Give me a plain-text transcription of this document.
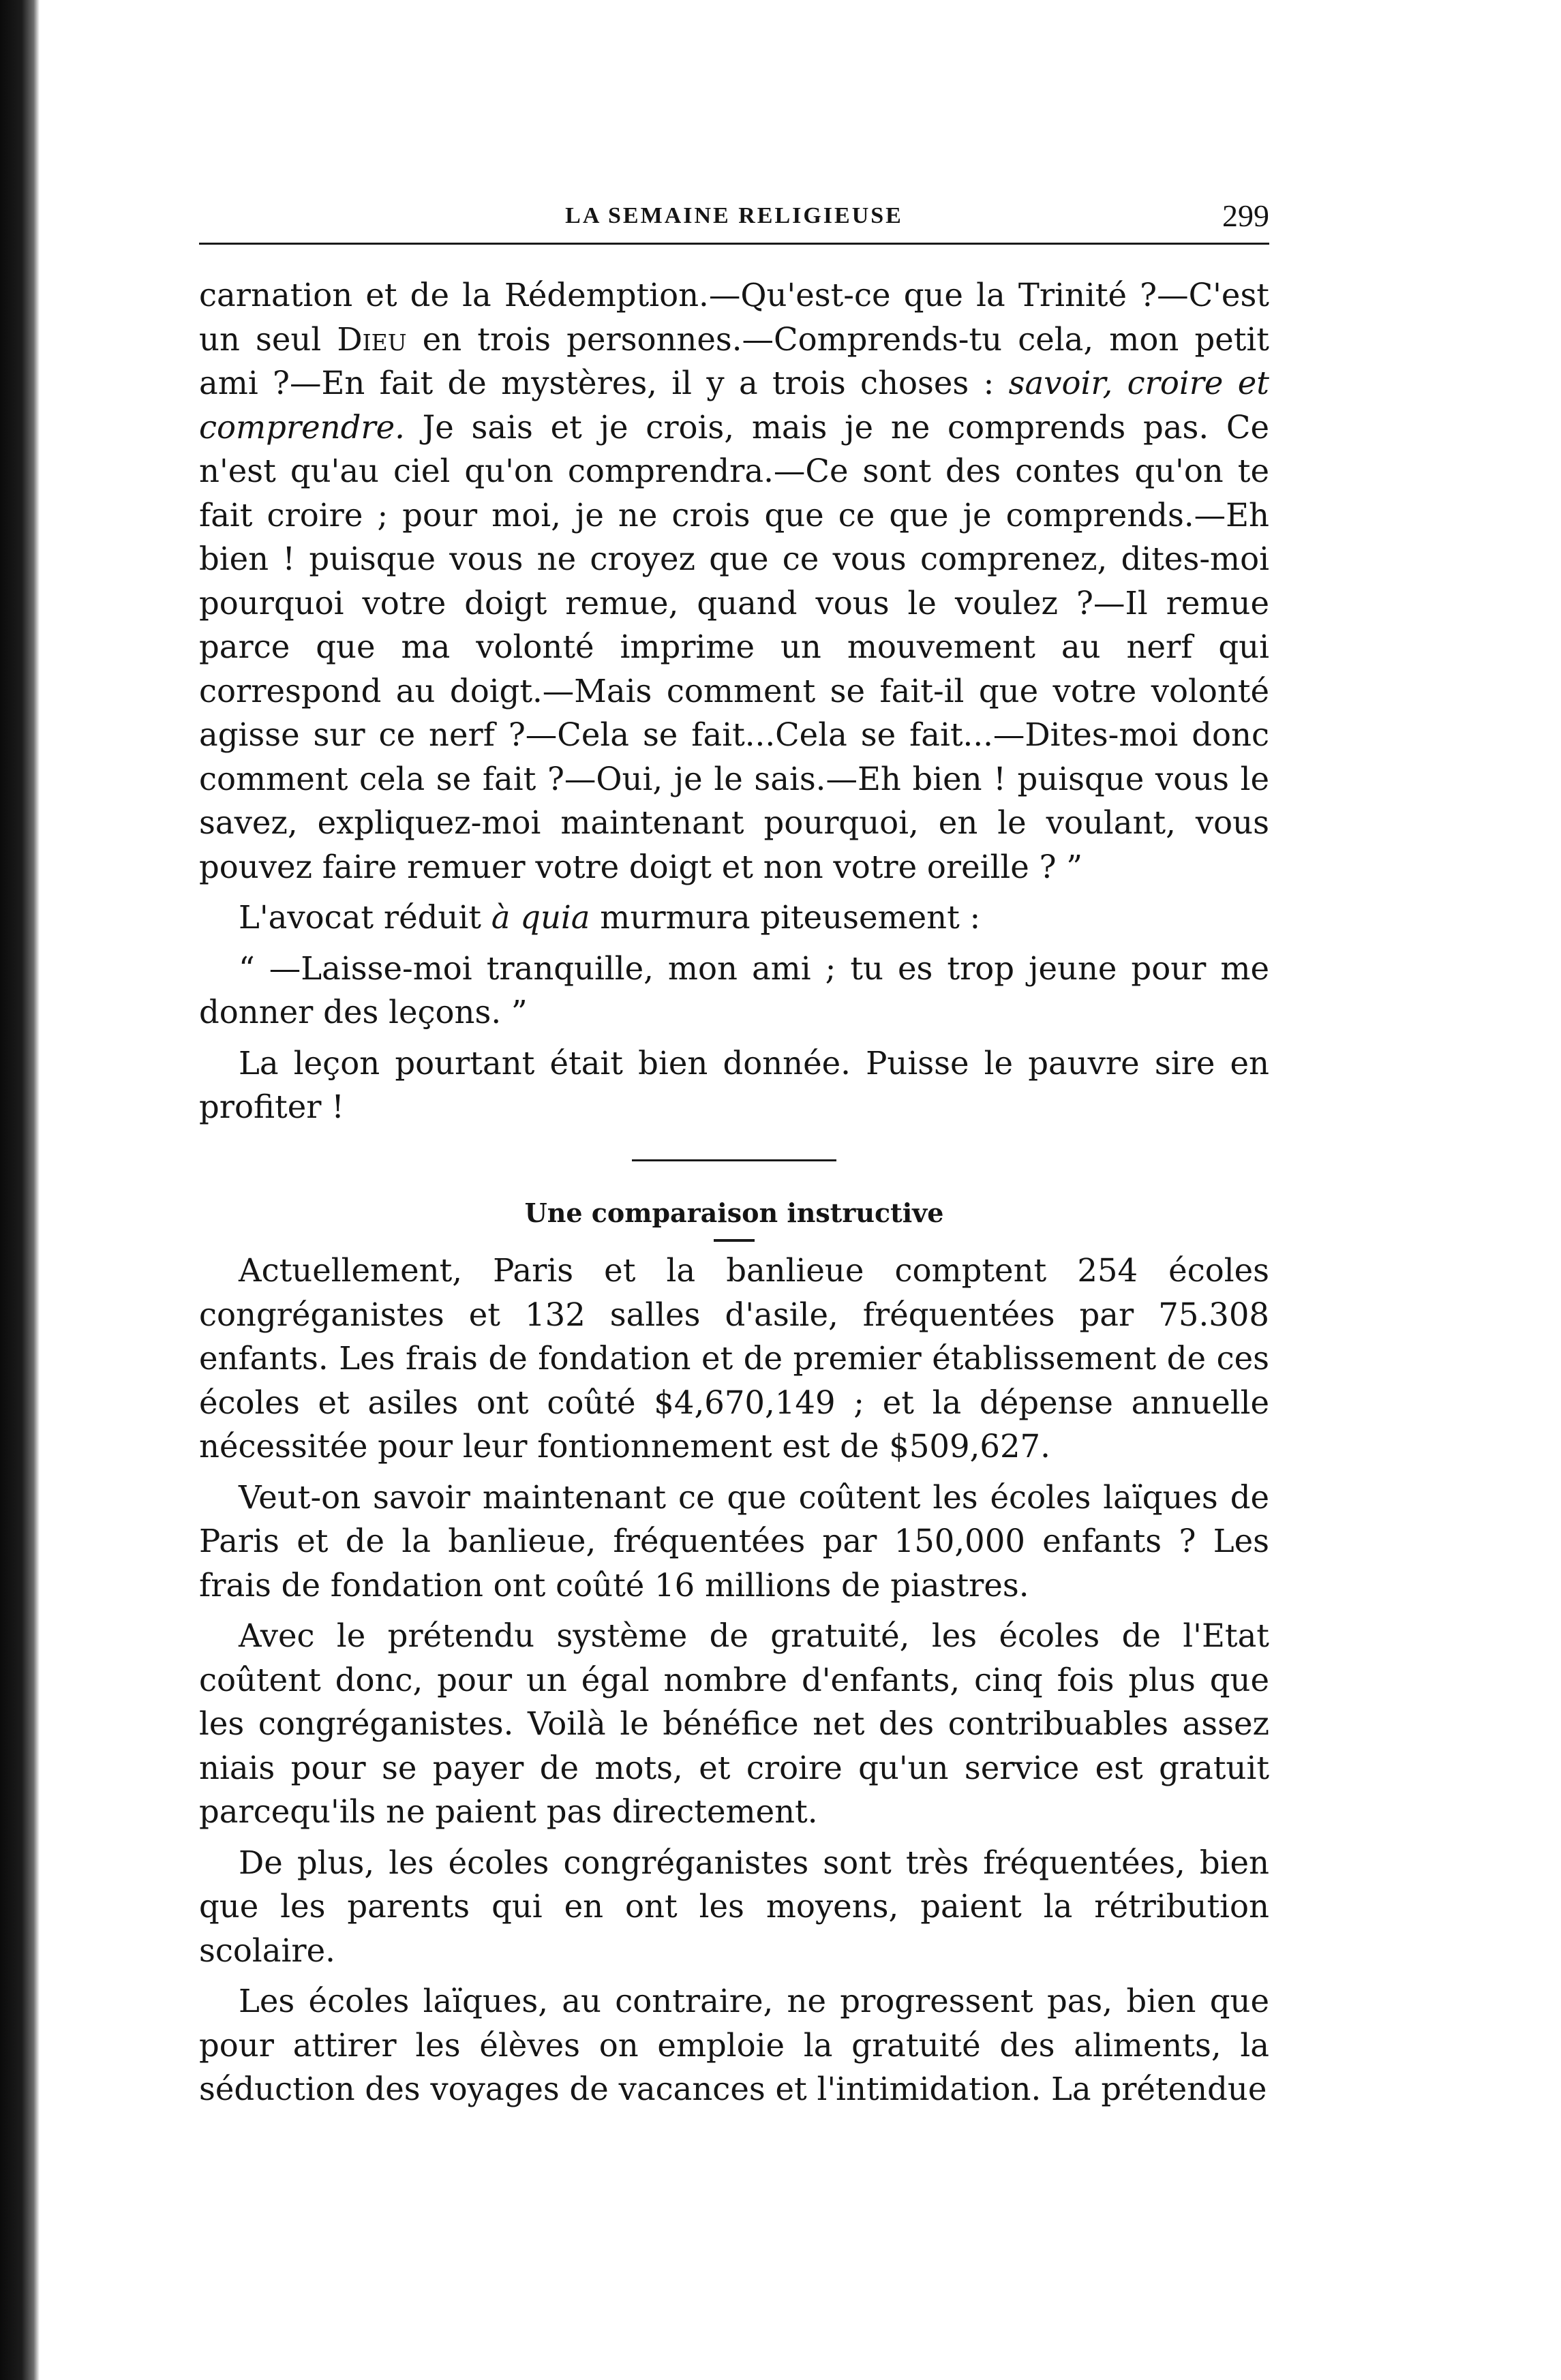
LA SEMAINE RELIGIEUSE	299

carnation et de la Rédemption.—Qu'est-ce que la Trinité ?—C'est un seul Dieu en trois personnes.—Comprends-tu cela, mon petit ami ?—En fait de mystères, il y a trois choses : savoir, croire et comprendre. Je sais et je crois, mais je ne comprends pas. Ce n'est qu'au ciel qu'on comprendra.—Ce sont des contes qu'on te fait croire ; pour moi, je ne crois que ce que je comprends.—Eh bien ! puisque vous ne croyez que ce vous comprenez, dites-moi pourquoi votre doigt remue, quand vous le voulez ?—Il remue parce que ma volonté imprime un mouvement au nerf qui correspond au doigt.—Mais comment se fait-il que votre volonté agisse sur ce nerf ?—Cela se fait...Cela se fait...—Dites-moi donc comment cela se fait ?—Oui, je le sais.—Eh bien ! puisque vous le savez, expliquez-moi maintenant pourquoi, en le voulant, vous pouvez faire remuer votre doigt et non votre oreille ? ”

L'avocat réduit à quia murmura piteusement :

“ —Laisse-moi tranquille, mon ami ; tu es trop jeune pour me donner des leçons. ”

La leçon pourtant était bien donnée. Puisse le pauvre sire en profiter !

Une comparaison instructive

Actuellement, Paris et la banlieue comptent 254 écoles congréganistes et 132 salles d'asile, fréquentées par 75.308 enfants. Les frais de fondation et de premier établissement de ces écoles et asiles ont coûté $4,670,149 ; et la dépense annuelle nécessitée pour leur fontionnement est de $509,627.

Veut-on savoir maintenant ce que coûtent les écoles laïques de Paris et de la banlieue, fréquentées par 150,000 enfants ? Les frais de fondation ont coûté 16 millions de piastres.

Avec le prétendu système de gratuité, les écoles de l'Etat coûtent donc, pour un égal nombre d'enfants, cinq fois plus que les congréganistes. Voilà le bénéfice net des contribuables assez niais pour se payer de mots, et croire qu'un service est gratuit parcequ'ils ne paient pas directement.

De plus, les écoles congréganistes sont très fréquentées, bien que les parents qui en ont les moyens, paient la rétribution scolaire.

Les écoles laïques, au contraire, ne progressent pas, bien que pour attirer les élèves on emploie la gratuité des aliments, la séduction des voyages de vacances et l'intimidation. La prétendue
